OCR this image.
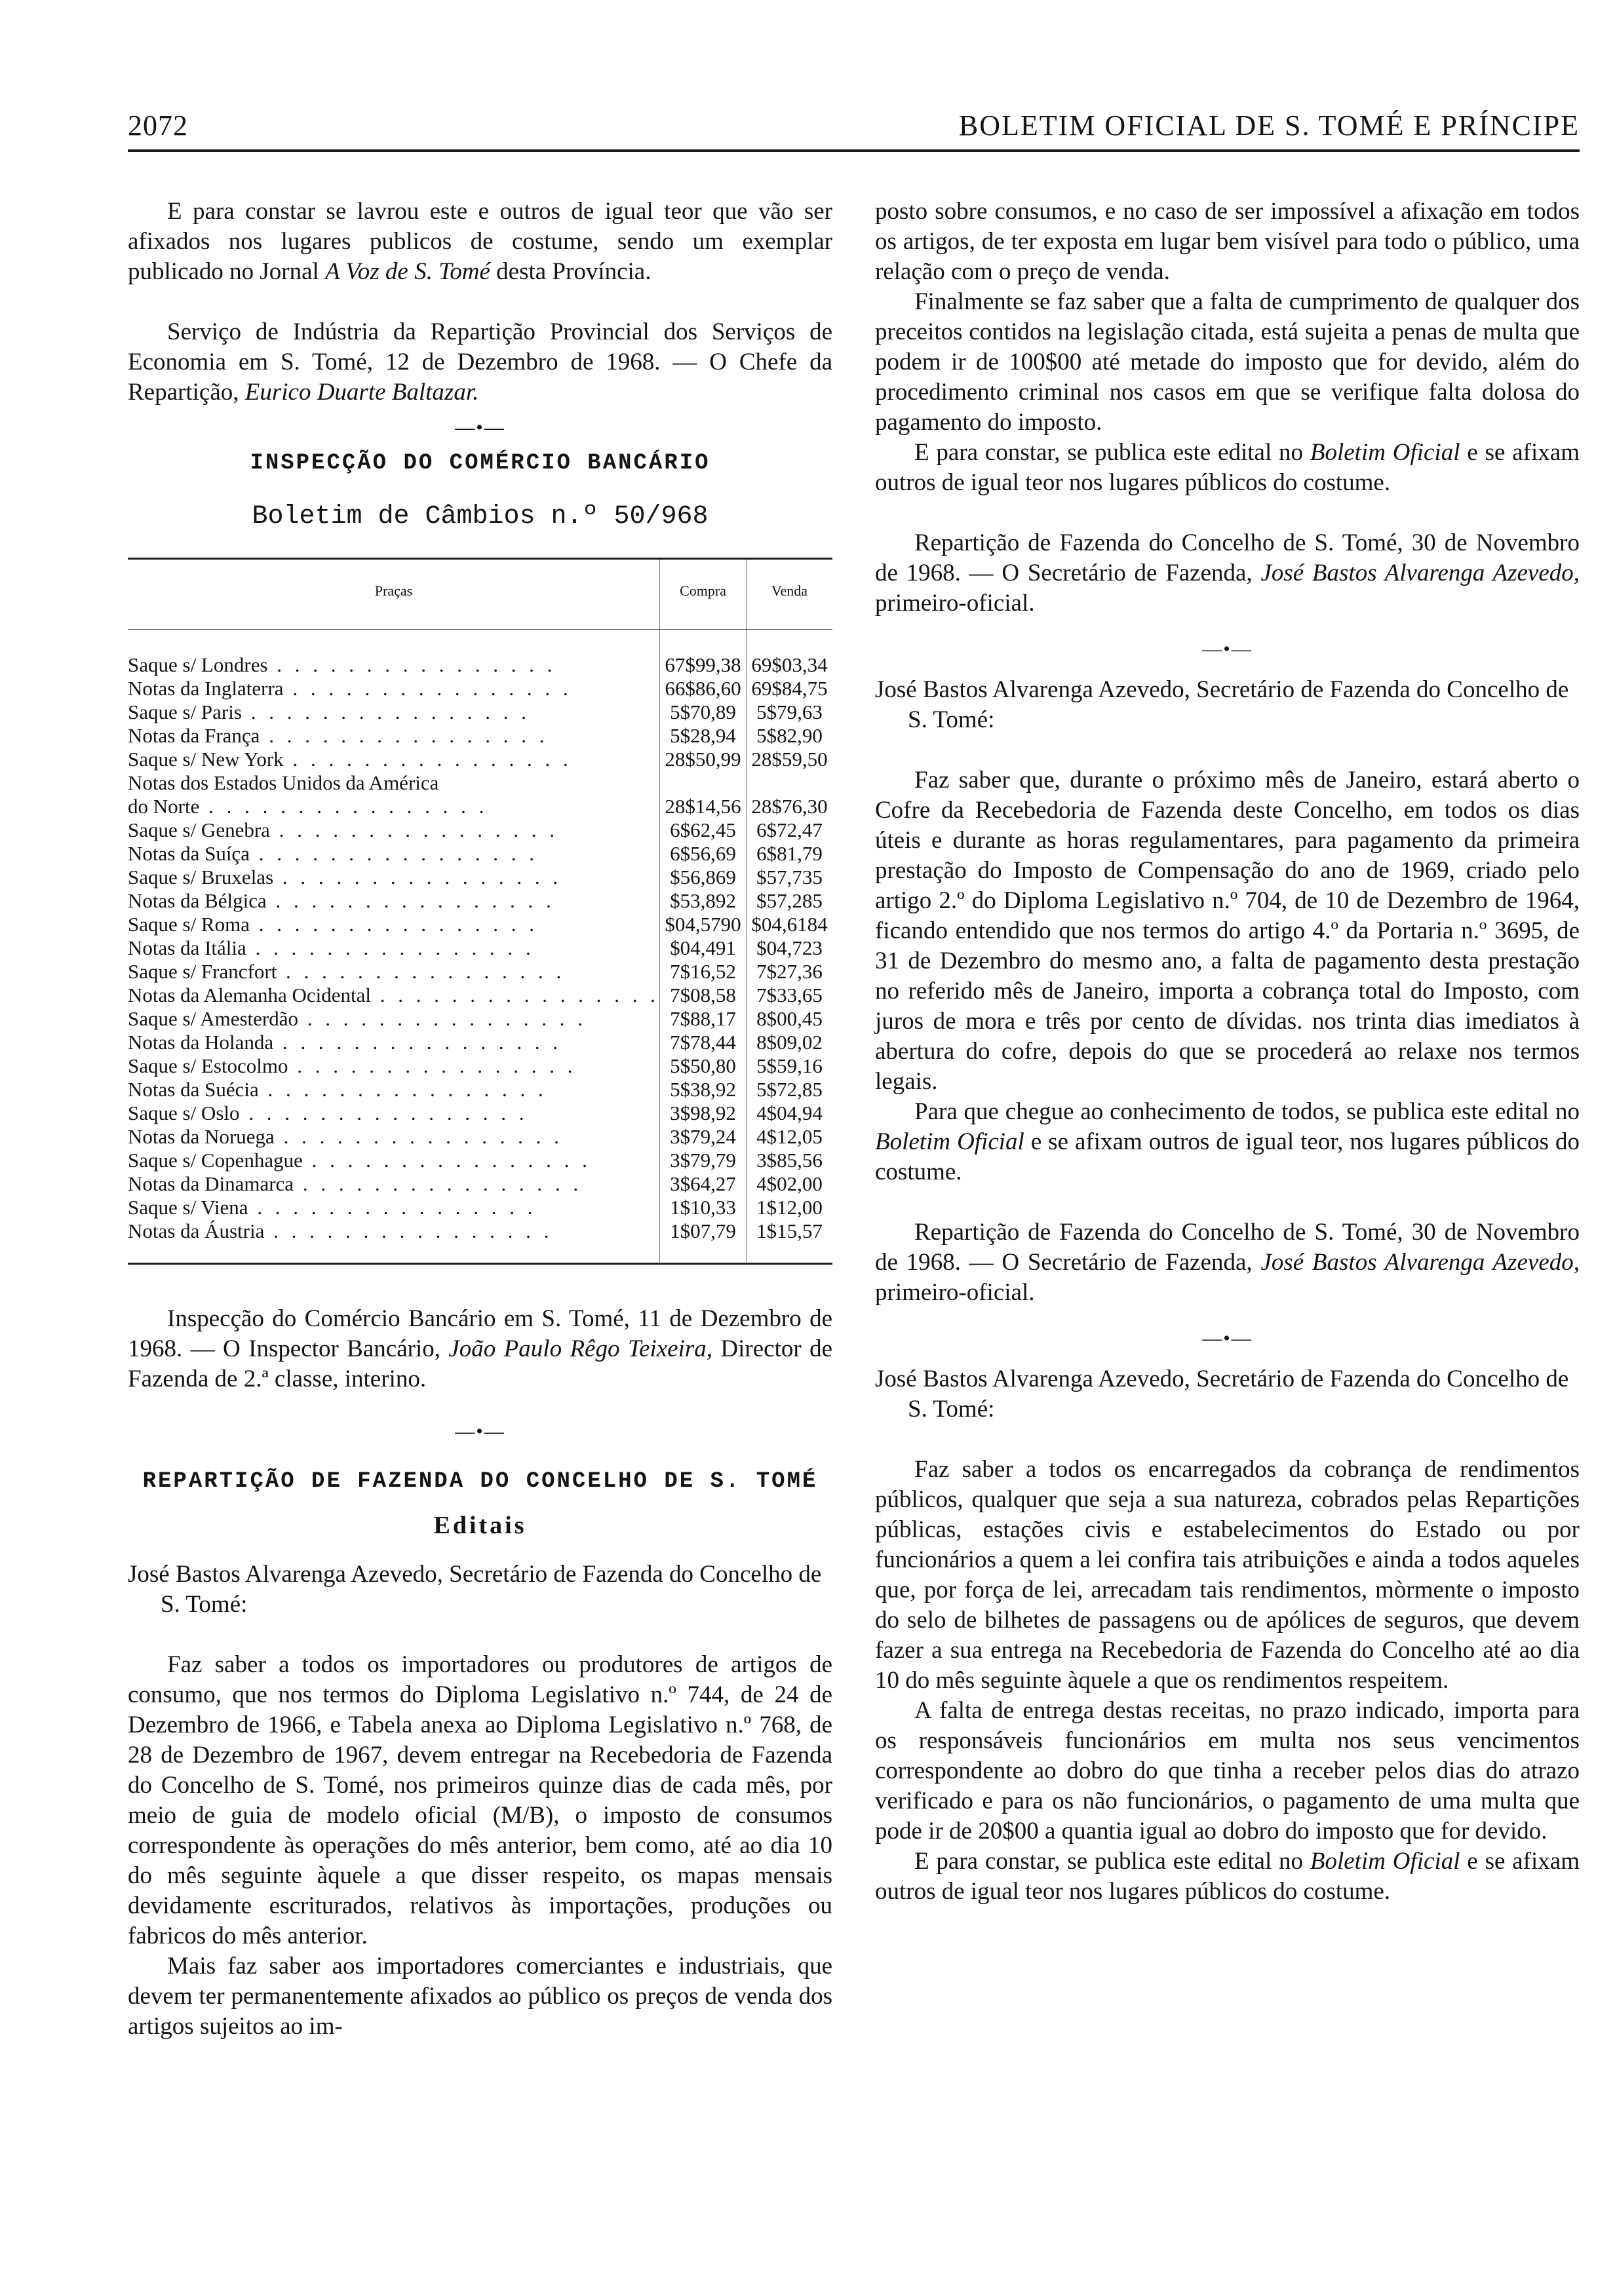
2072	BOLETIM OFICIAL DE S. TOMÉ E PRÍNCIPE

E para constar se lavrou este e outros de igual teor que vão ser afixados nos lugares publicos de costume, sendo um exemplar publicado no Jornal A Voz de S. Tomé desta Província.

Serviço de Indústria da Repartição Provincial dos Serviços de Economia em S. Tomé, 12 de Dezembro de 1968. — O Chefe da Repartição, Eurico Duarte Baltazar.

—•—
INSPECÇÃO DO COMÉRCIO BANCÁRIO
Boletim de Câmbios n.º 50/968
Praças	Compra	Venda
Saque s/ Londres . . . . . . . . . . . . . . . .	67$99,38	69$03,34
Notas da Inglaterra . . . . . . . . . . . . . . . .	66$86,60	69$84,75
Saque s/ Paris . . . . . . . . . . . . . . . .	5$70,89	5$79,63
Notas da França . . . . . . . . . . . . . . . .	5$28,94	5$82,90
Saque s/ New York . . . . . . . . . . . . . . . .	28$50,99	28$59,50
Notas dos Estados Unidos da América		
do Norte . . . . . . . . . . . . . . . .	28$14,56	28$76,30
Saque s/ Genebra . . . . . . . . . . . . . . . .	6$62,45	6$72,47
Notas da Suíça . . . . . . . . . . . . . . . .	6$56,69	6$81,79
Saque s/ Bruxelas . . . . . . . . . . . . . . . .	$56,869	$57,735
Notas da Bélgica . . . . . . . . . . . . . . . .	$53,892	$57,285
Saque s/ Roma . . . . . . . . . . . . . . . .	$04,5790	$04,6184
Notas da Itália . . . . . . . . . . . . . . . .	$04,491	$04,723
Saque s/ Francfort . . . . . . . . . . . . . . . .	7$16,52	7$27,36
Notas da Alemanha Ocidental . . . . . . . . . . . . . . . .	7$08,58	7$33,65
Saque s/ Amesterdão . . . . . . . . . . . . . . . .	7$88,17	8$00,45
Notas da Holanda . . . . . . . . . . . . . . . .	7$78,44	8$09,02
Saque s/ Estocolmo . . . . . . . . . . . . . . . .	5$50,80	5$59,16
Notas da Suécia . . . . . . . . . . . . . . . .	5$38,92	5$72,85
Saque s/ Oslo . . . . . . . . . . . . . . . .	3$98,92	4$04,94
Notas da Noruega . . . . . . . . . . . . . . . .	3$79,24	4$12,05
Saque s/ Copenhague . . . . . . . . . . . . . . . .	3$79,79	3$85,56
Notas da Dinamarca . . . . . . . . . . . . . . . .	3$64,27	4$02,00
Saque s/ Viena . . . . . . . . . . . . . . . .	1$10,33	1$12,00
Notas da Áustria . . . . . . . . . . . . . . . .	1$07,79	1$15,57

Inspecção do Comércio Bancário em S. Tomé, 11 de Dezembro de 1968. — O Inspector Bancário, João Paulo Rêgo Teixeira, Director de Fazenda de 2.ª classe, interino.

—•—
REPARTIÇÃO DE FAZENDA DO CONCELHO DE S. TOMÉ
Editais

José Bastos Alvarenga Azevedo, Secretário de Fazenda do Concelho de S. Tomé:

Faz saber a todos os importadores ou produtores de artigos de consumo, que nos termos do Diploma Legislativo n.º 744, de 24 de Dezembro de 1966, e Tabela anexa ao Diploma Legislativo n.º 768, de 28 de Dezembro de 1967, devem entregar na Recebedoria de Fazenda do Concelho de S. Tomé, nos primeiros quinze dias de cada mês, por meio de guia de modelo oficial (M/B), o imposto de consumos correspondente às operações do mês anterior, bem como, até ao dia 10 do mês seguinte àquele a que disser respeito, os mapas mensais devidamente escriturados, relativos às importações, produções ou fabricos do mês anterior.

Mais faz saber aos importadores comerciantes e industriais, que devem ter permanentemente afixados ao público os preços de venda dos artigos sujeitos ao im-

posto sobre consumos, e no caso de ser impossível a afixação em todos os artigos, de ter exposta em lugar bem visível para todo o público, uma relação com o preço de venda.

Finalmente se faz saber que a falta de cumprimento de qualquer dos preceitos contidos na legislação citada, está sujeita a penas de multa que podem ir de 100$00 até metade do imposto que for devido, além do procedimento criminal nos casos em que se verifique falta dolosa do pagamento do imposto.

E para constar, se publica este edital no Boletim Oficial e se afixam outros de igual teor nos lugares públicos do costume.

Repartição de Fazenda do Concelho de S. Tomé, 30 de Novembro de 1968. — O Secretário de Fazenda, José Bastos Alvarenga Azevedo, primeiro-oficial.

—•—

José Bastos Alvarenga Azevedo, Secretário de Fazenda do Concelho de S. Tomé:

Faz saber que, durante o próximo mês de Janeiro, estará aberto o Cofre da Recebedoria de Fazenda deste Concelho, em todos os dias úteis e durante as horas regulamentares, para pagamento da primeira prestação do Imposto de Compensação do ano de 1969, criado pelo artigo 2.º do Diploma Legislativo n.º 704, de 10 de Dezembro de 1964, ficando entendido que nos termos do artigo 4.º da Portaria n.º 3695, de 31 de Dezembro do mesmo ano, a falta de pagamento desta prestação no referido mês de Janeiro, importa a cobrança total do Imposto, com juros de mora e três por cento de dívidas. nos trinta dias imediatos à abertura do cofre, depois do que se procederá ao relaxe nos termos legais.

Para que chegue ao conhecimento de todos, se publica este edital no Boletim Oficial e se afixam outros de igual teor, nos lugares públicos do costume.

Repartição de Fazenda do Concelho de S. Tomé, 30 de Novembro de 1968. — O Secretário de Fazenda, José Bastos Alvarenga Azevedo, primeiro-oficial.

—•—

José Bastos Alvarenga Azevedo, Secretário de Fazenda do Concelho de S. Tomé:

Faz saber a todos os encarregados da cobrança de rendimentos públicos, qualquer que seja a sua natureza, cobrados pelas Repartições públicas, estações civis e estabelecimentos do Estado ou por funcionários a quem a lei confira tais atribuições e ainda a todos aqueles que, por força de lei, arrecadam tais rendimentos, mòrmente o imposto do selo de bilhetes de passagens ou de apólices de seguros, que devem fazer a sua entrega na Recebedoria de Fazenda do Concelho até ao dia 10 do mês seguinte àquele a que os rendimentos respeitem.

A falta de entrega destas receitas, no prazo indicado, importa para os responsáveis funcionários em multa nos seus vencimentos correspondente ao dobro do que tinha a receber pelos dias do atrazo verificado e para os não funcionários, o pagamento de uma multa que pode ir de 20$00 a quantia igual ao dobro do imposto que for devido.

E para constar, se publica este edital no Boletim Oficial e se afixam outros de igual teor nos lugares públicos do costume.
